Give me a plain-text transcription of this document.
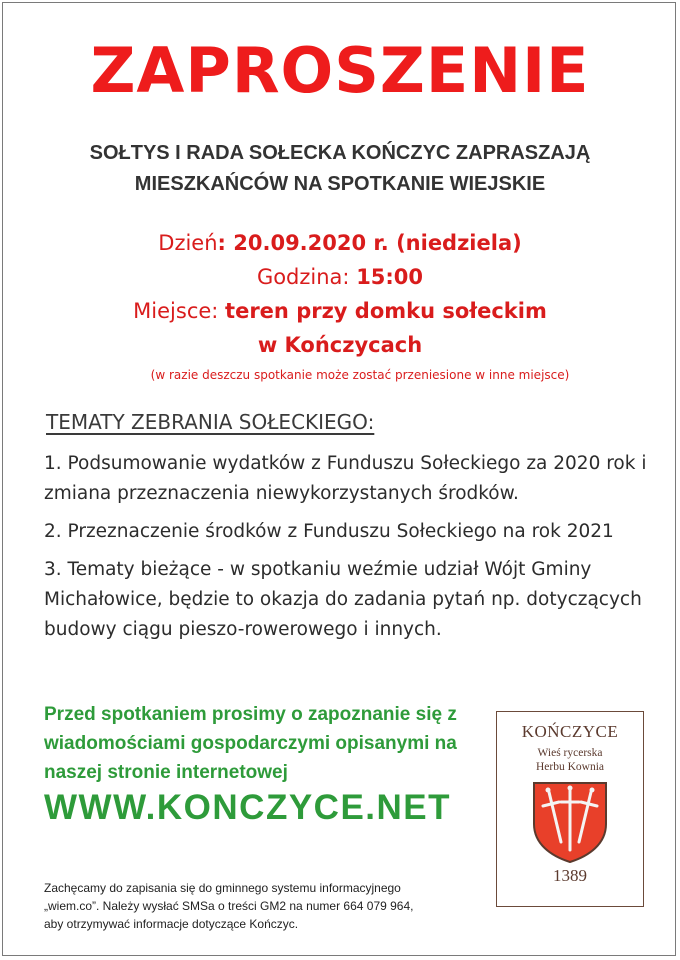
ZAPROSZENIE
SOŁTYS I RADA SOŁECKA KOŃCZYC ZAPRASZAJĄ
MIESZKAŃCÓW NA SPOTKANIE WIEJSKIE
Dzień: 20.09.2020 r. (niedziela)
Godzina: 15:00
Miejsce: teren przy domku sołeckim
w Kończycach
(w razie deszczu spotkanie może zostać przeniesione w inne miejsce)
TEMATY ZEBRANIA SOŁECKIEGO:
1. Podsumowanie wydatków z Funduszu Sołeckiego za 2020 rok i zmiana przeznaczenia niewykorzystanych środków.
2. Przeznaczenie środków z Funduszu Sołeckiego na rok 2021
3. Tematy bieżące - w spotkaniu weźmie udział Wójt Gminy Michałowice, będzie to okazja do zadania pytań np. dotyczących budowy ciągu pieszo-rowerowego i innych.
Przed spotkaniem prosimy o zapoznanie się z wiadomościami gospodarczymi opisanymi na naszej stronie internetowej
WWW.KONCZYCE.NET
Zachęcamy do zapisania się do gminnego systemu informacyjnego
„wiem.co”. Należy wysłać SMSa o treści GM2 na numer 664 079 964,
aby otrzymywać informacje dotyczące Kończyc.
KOŃCZYCE
Wieś rycerska
Herbu Kownia
1389
